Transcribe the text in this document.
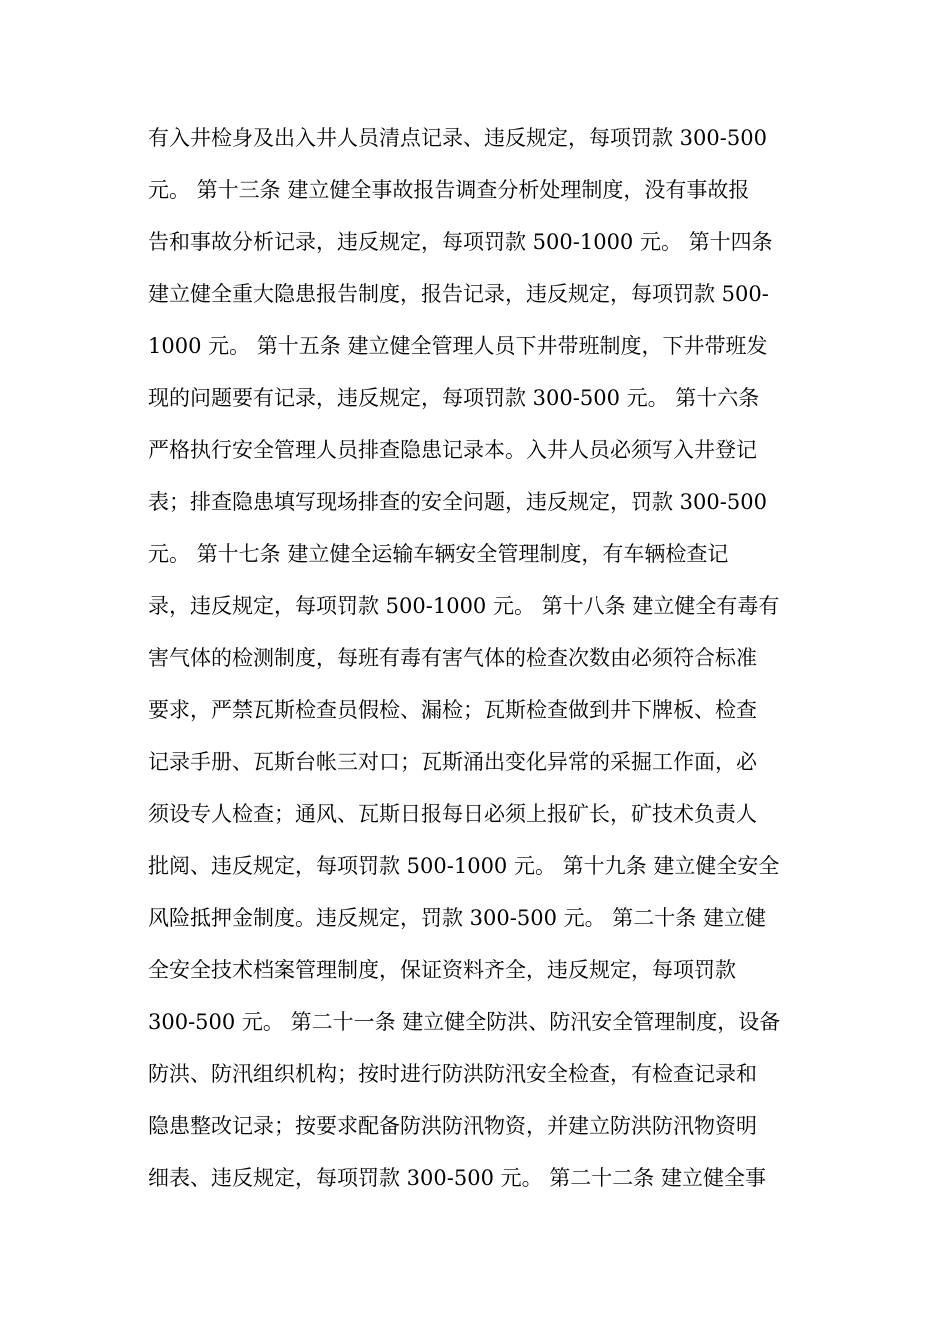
有入井检身及出入井人员清点记录、违反规定，每项罚款 300-500
元。 第十三条 建立健全事故报告调查分析处理制度，没有事故报
告和事故分析记录，违反规定，每项罚款 500-1000 元。 第十四条
建立健全重大隐患报告制度，报告记录，违反规定，每项罚款 500-
1000 元。 第十五条 建立健全管理人员下井带班制度，下井带班发
现的问题要有记录，违反规定，每项罚款 300-500 元。 第十六条
严格执行安全管理人员排查隐患记录本。入井人员必须写入井登记
表；排查隐患填写现场排查的安全问题，违反规定，罚款 300-500
元。 第十七条 建立健全运输车辆安全管理制度，有车辆检查记
录，违反规定，每项罚款 500-1000 元。 第十八条 建立健全有毒有
害气体的检测制度，每班有毒有害气体的检查次数由必须符合标准
要求，严禁瓦斯检查员假检、漏检；瓦斯检查做到井下牌板、检查
记录手册、瓦斯台帐三对口；瓦斯涌出变化异常的采掘工作面，必
须设专人检查；通风、瓦斯日报每日必须上报矿长，矿技术负责人
批阅、违反规定，每项罚款 500-1000 元。 第十九条 建立健全安全
风险抵押金制度。违反规定，罚款 300-500 元。 第二十条 建立健
全安全技术档案管理制度，保证资料齐全，违反规定，每项罚款
300-500 元。 第二十一条 建立健全防洪、防汛安全管理制度，设备
防洪、防汛组织机构；按时进行防洪防汛安全检查，有检查记录和
隐患整改记录；按要求配备防洪防汛物资，并建立防洪防汛物资明
细表、违反规定，每项罚款 300-500 元。 第二十二条 建立健全事
